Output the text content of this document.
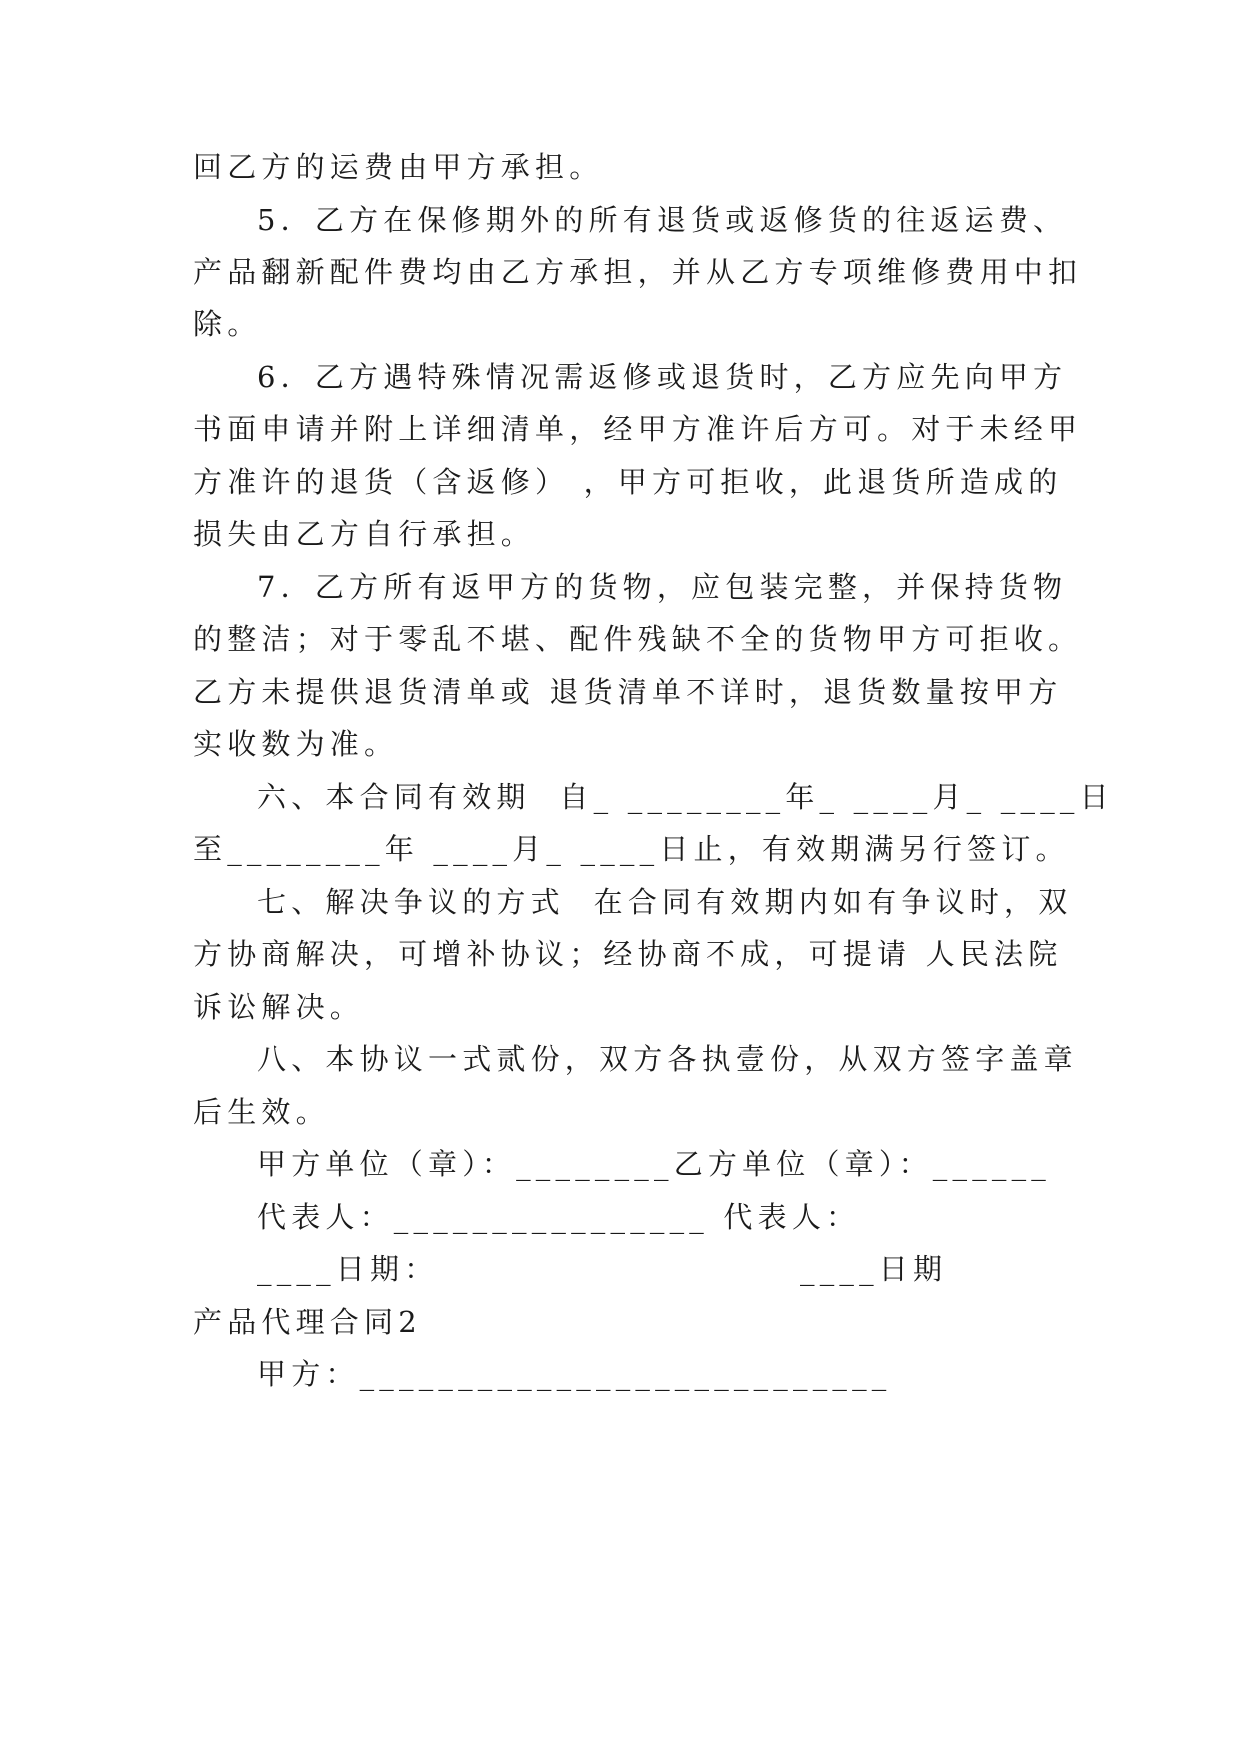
回乙方的运费由甲方承担。
5．乙方在保修期外的所有退货或返修货的往返运费、
产品翻新配件费均由乙方承担，并从乙方专项维修费用中扣
除。
6．乙方遇特殊情况需返修或退货时，乙方应先向甲方
书面申请并附上详细清单，经甲方准许后方可。对于未经甲
方准许的退货（含返修） ，甲方可拒收，此退货所造成的
损失由乙方自行承担。
7．乙方所有返甲方的货物，应包装完整，并保持货物
的整洁；对于零乱不堪、配件残缺不全的货物甲方可拒收。
乙方未提供退货清单或 退货清单不详时，退货数量按甲方
实收数为准。
六、本合同有效期  自_ ________年_ ____月_ ____日
至________年 ____月_ ____日止，有效期满另行签订。
七、解决争议的方式  在合同有效期内如有争议时，双
方协商解决，可增补协议；经协商不成，可提请 人民法院
诉讼解决。
八、本协议一式贰份，双方各执壹份，从双方签字盖章
后生效。
甲方单位（章）：________乙方单位（章）：______
代表人：________________ 代表人：
____日期：	____日期
产品代理合同2
甲方：___________________________
